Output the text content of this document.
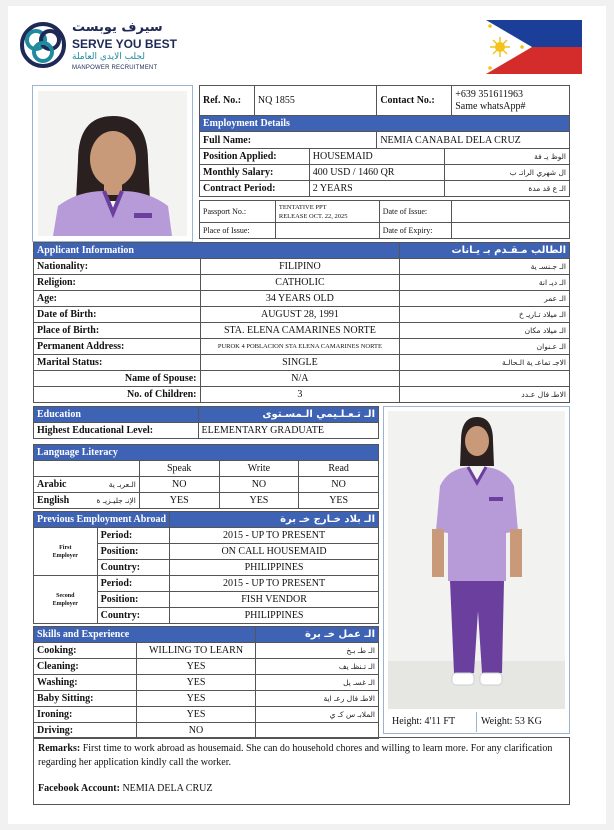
سيرف يوبست
SERVE YOU BEST
لجلب الايدي العاملة
MANPOWER RECRUITMENT
Ref. No.:	NQ 1855	Contact No.:	
+639 351611963
Same whatsApp#

Employment Details

Full Name:
		NEMIA CANABAL DELA CRUZ
Position Applied:	HOUSEMAID	الوظ يـ فة
Monthly Salary:	400 USD / 1460 QR	ال شهري الراتـ ب
Contract Period:	2 YEARS	الـ ع قد مدة
Passport No.:	TENTATIVE PPT
RELEASE OCT. 22, 2025	Date of Issue:	
Place of Issue:		Date of Expiry:	
Applicant Information		الطالب مـقـدم بـ يـانات
Nationality:	FILIPINO	الـ جـنسـ ية
Religion:	CATHOLIC	الـ ديـ انة
Age:	34 YEARS OLD	الـ عمر
Date of Birth:	AUGUST 28, 1991	الـ ميلاد تـاريـ خ
Place of Birth:	STA. ELENA CAMARINES NORTE	الـ ميلاد مكان
Permanent Address:	PUROK 4 POBLACION STA ELENA CAMARINES NORTE	الـ عـنوان
Marital Status:	SINGLE	الاجـ تماعـ ية الـحالـة
Name of Spouse:	N/A	
No. of Children:	3	الاطـ فال عـدد
Education	الـ تـعـلـيمي الـمسـتوى
Highest Educational Level:	ELEMENTARY GRADUATE
Language Literacy				
		Speak	Write	Read
Arabic	الـعربـ ية	NO	NO	NO
English	الإنـ جليـزيـ ة	YES	YES	YES
Previous Employment Abroad		الـ بلاد خـارج خـ برة

First
Employer	Period:	2015 - UP TO PRESENT
	Position:	ON CALL HOUSEMAID
	Country:	PHILIPPINES

Second
Employer	Period:	2015 - UP TO PRESENT
	Position:	FISH VENDOR
	Country:	PHILIPPINES
Skills and Experience		الـ عمل خـ برة
Cooking:	WILLING TO LEARN	الـ طـ بـخ
Cleaning:	YES	الـ تـنظـ يف
Washing:	YES	الـ غسـ يل
Baby Sitting:	YES	الاطـ فال رعـ اية
Ironing:	YES	الملابـ س كـ ي
Driving:	NO	
Height: 4'11 FT	Weight: 53 KG
Remarks: First time to work abroad as housemaid. She can do household chores and willing to learn more. For any clarification regarding her application kindly call the worker.
Facebook Account: NEMIA DELA CRUZ
